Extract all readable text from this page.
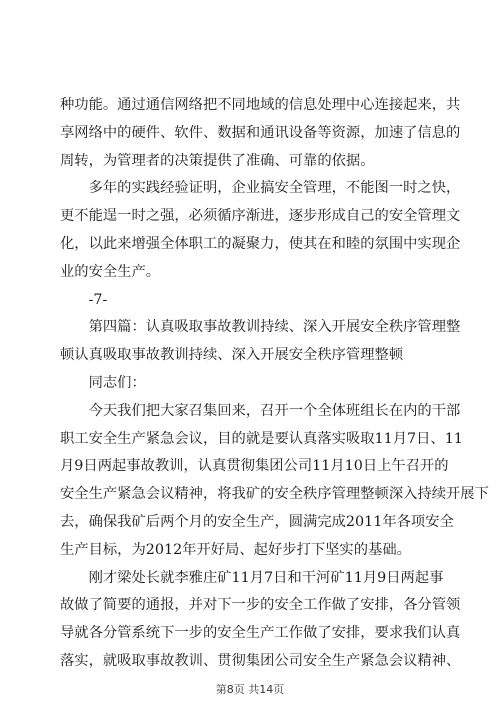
种功能。通过通信网络把不同地域的信息处理中心连接起来，共
享网络中的硬件、软件、数据和通讯设备等资源，加速了信息的
周转，为管理者的决策提供了准确、可靠的依据。
　　多年的实践经验证明，企业搞安全管理，不能图一时之快，
更不能逞一时之强，必须循序渐进，逐步形成自己的安全管理文
化，以此来增强全体职工的凝聚力，使其在和睦的氛围中实现企
业的安全生产。
　　-7-
　　第四篇：认真吸取事故教训持续、深入开展安全秩序管理整
顿认真吸取事故教训持续、深入开展安全秩序管理整顿
　　同志们：
　　今天我们把大家召集回来，召开一个全体班组长在内的干部
职工安全生产紧急会议，目的就是要认真落实吸取11月7日、11
月9日两起事故教训，认真贯彻集团公司11月10日上午召开的
安全生产紧急会议精神，将我矿的安全秩序管理整顿深入持续开展下
去，确保我矿后两个月的安全生产，圆满完成2011年各项安全
生产目标，为2012年开好局、起好步打下坚实的基础。
　　刚才梁处长就李雅庄矿11月7日和干河矿11月9日两起事
故做了简要的通报，并对下一步的安全工作做了安排，各分管领
导就各分管系统下一步的安全生产工作做了安排，要求我们认真
落实，就吸取事故教训、贯彻集团公司安全生产紧急会议精神、
第8页 共14页
